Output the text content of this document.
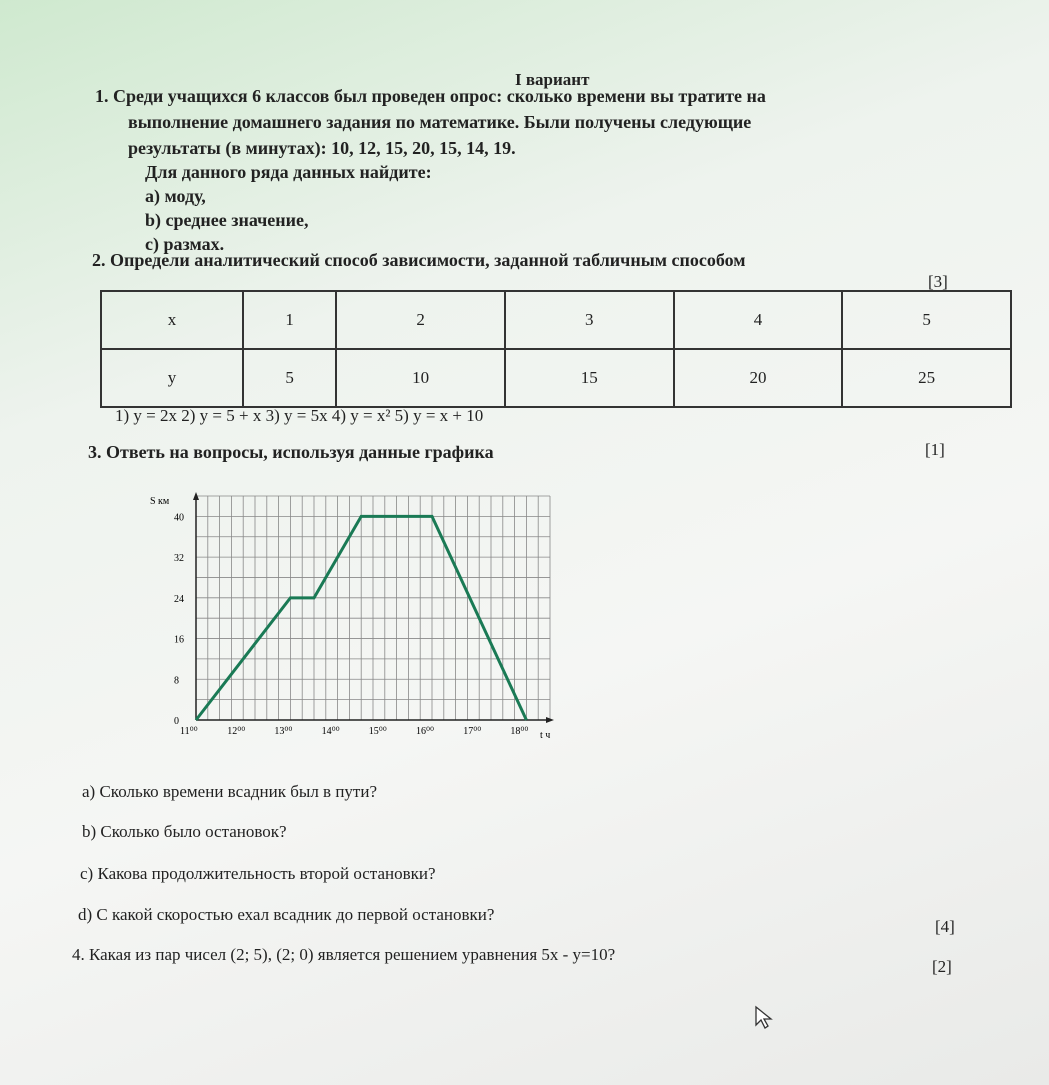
I вариант
1. Среди учащихся 6 классов был проведен опрос: сколько времени вы тратите на
выполнение домашнего задания по математике. Были получены следующие
результаты (в минутах): 10, 12, 15, 20, 15, 14, 19.
Для данного ряда данных найдите:
а) моду,
b) среднее значение,
c) размах.
2. Определи аналитический способ зависимости, заданной табличным способом
[3]
x	1	2	3	4	5
y	5	10	15	20	25
1) y = 2x 2) y = 5 + x 3) y = 5x 4) y = x² 5) y = x + 10
[1]
3. Ответь на вопросы, используя данные графика
0
8
16
24
32
40
11⁰⁰	12⁰⁰	13⁰⁰	14⁰⁰	15⁰⁰	16⁰⁰	17⁰⁰	18⁰⁰
S км
t ч
a) Сколько времени всадник был в пути?
b) Сколько было остановок?
c) Какова продолжительность второй остановки?
d) С какой скоростью ехал всадник до первой остановки?
[4]
4. Какая из пар чисел (2; 5), (2; 0) является решением уравнения 5x - y=10?
[2]
